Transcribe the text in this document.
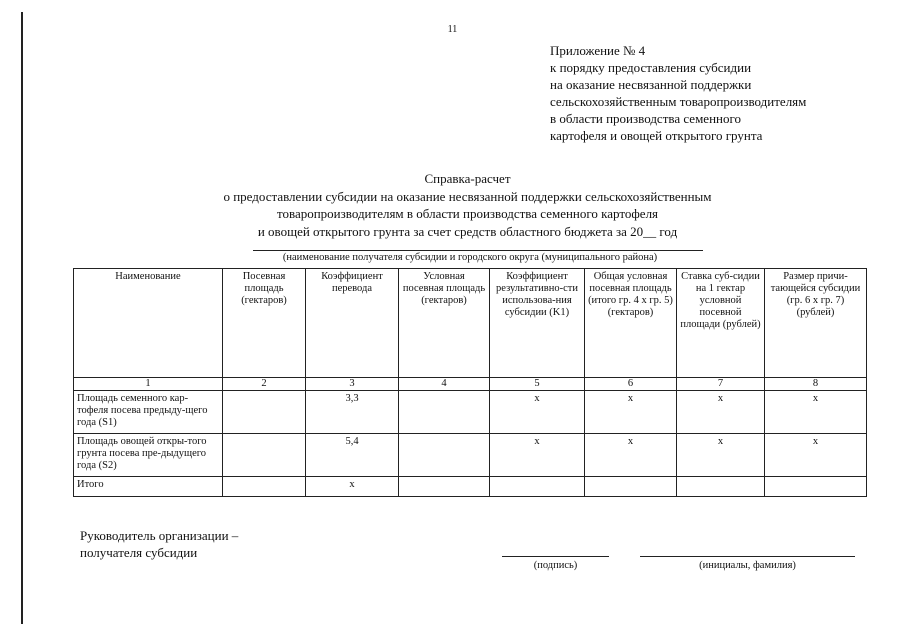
11
Приложение № 4
к порядку предоставления субсидии
на оказание несвязанной поддержки
сельскохозяйственным товаропроизводителям
в области производства семенного
картофеля и овощей открытого грунта
Справка-расчет
о предоставлении субсидии на оказание несвязанной поддержки сельскохозяйственным
товаропроизводителям в области производства семенного картофеля
и овощей открытого грунта за счет средств областного бюджета за 20__ год
(наименование получателя субсидии и городского округа (муниципального района)
Наименование	Посевная площадь (гектаров)	Коэффициент перевода	Условная посевная площадь (гектаров)	Коэффициент результативно-сти использова-ния субсидии (K1)	Общая условная посевная площадь (итого гр. 4 х гр. 5) (гектаров)	Ставка суб-сидии на 1 гектар условной посевной площади (рублей)	Размер причи-тающейся субсидии (гр. 6 х гр. 7) (рублей)
1	2	3	4	5	6	7	8
Площадь семенного кар-тофеля посева предыду-щего года (S1)		3,3		x	x	x	x
Площадь овощей откры-того грунта посева пре-дыдущего года (S2)		5,4		x	x	x	x
Итого		x					
Руководитель организации –
получателя субсидии
(подпись)	(инициалы, фамилия)
